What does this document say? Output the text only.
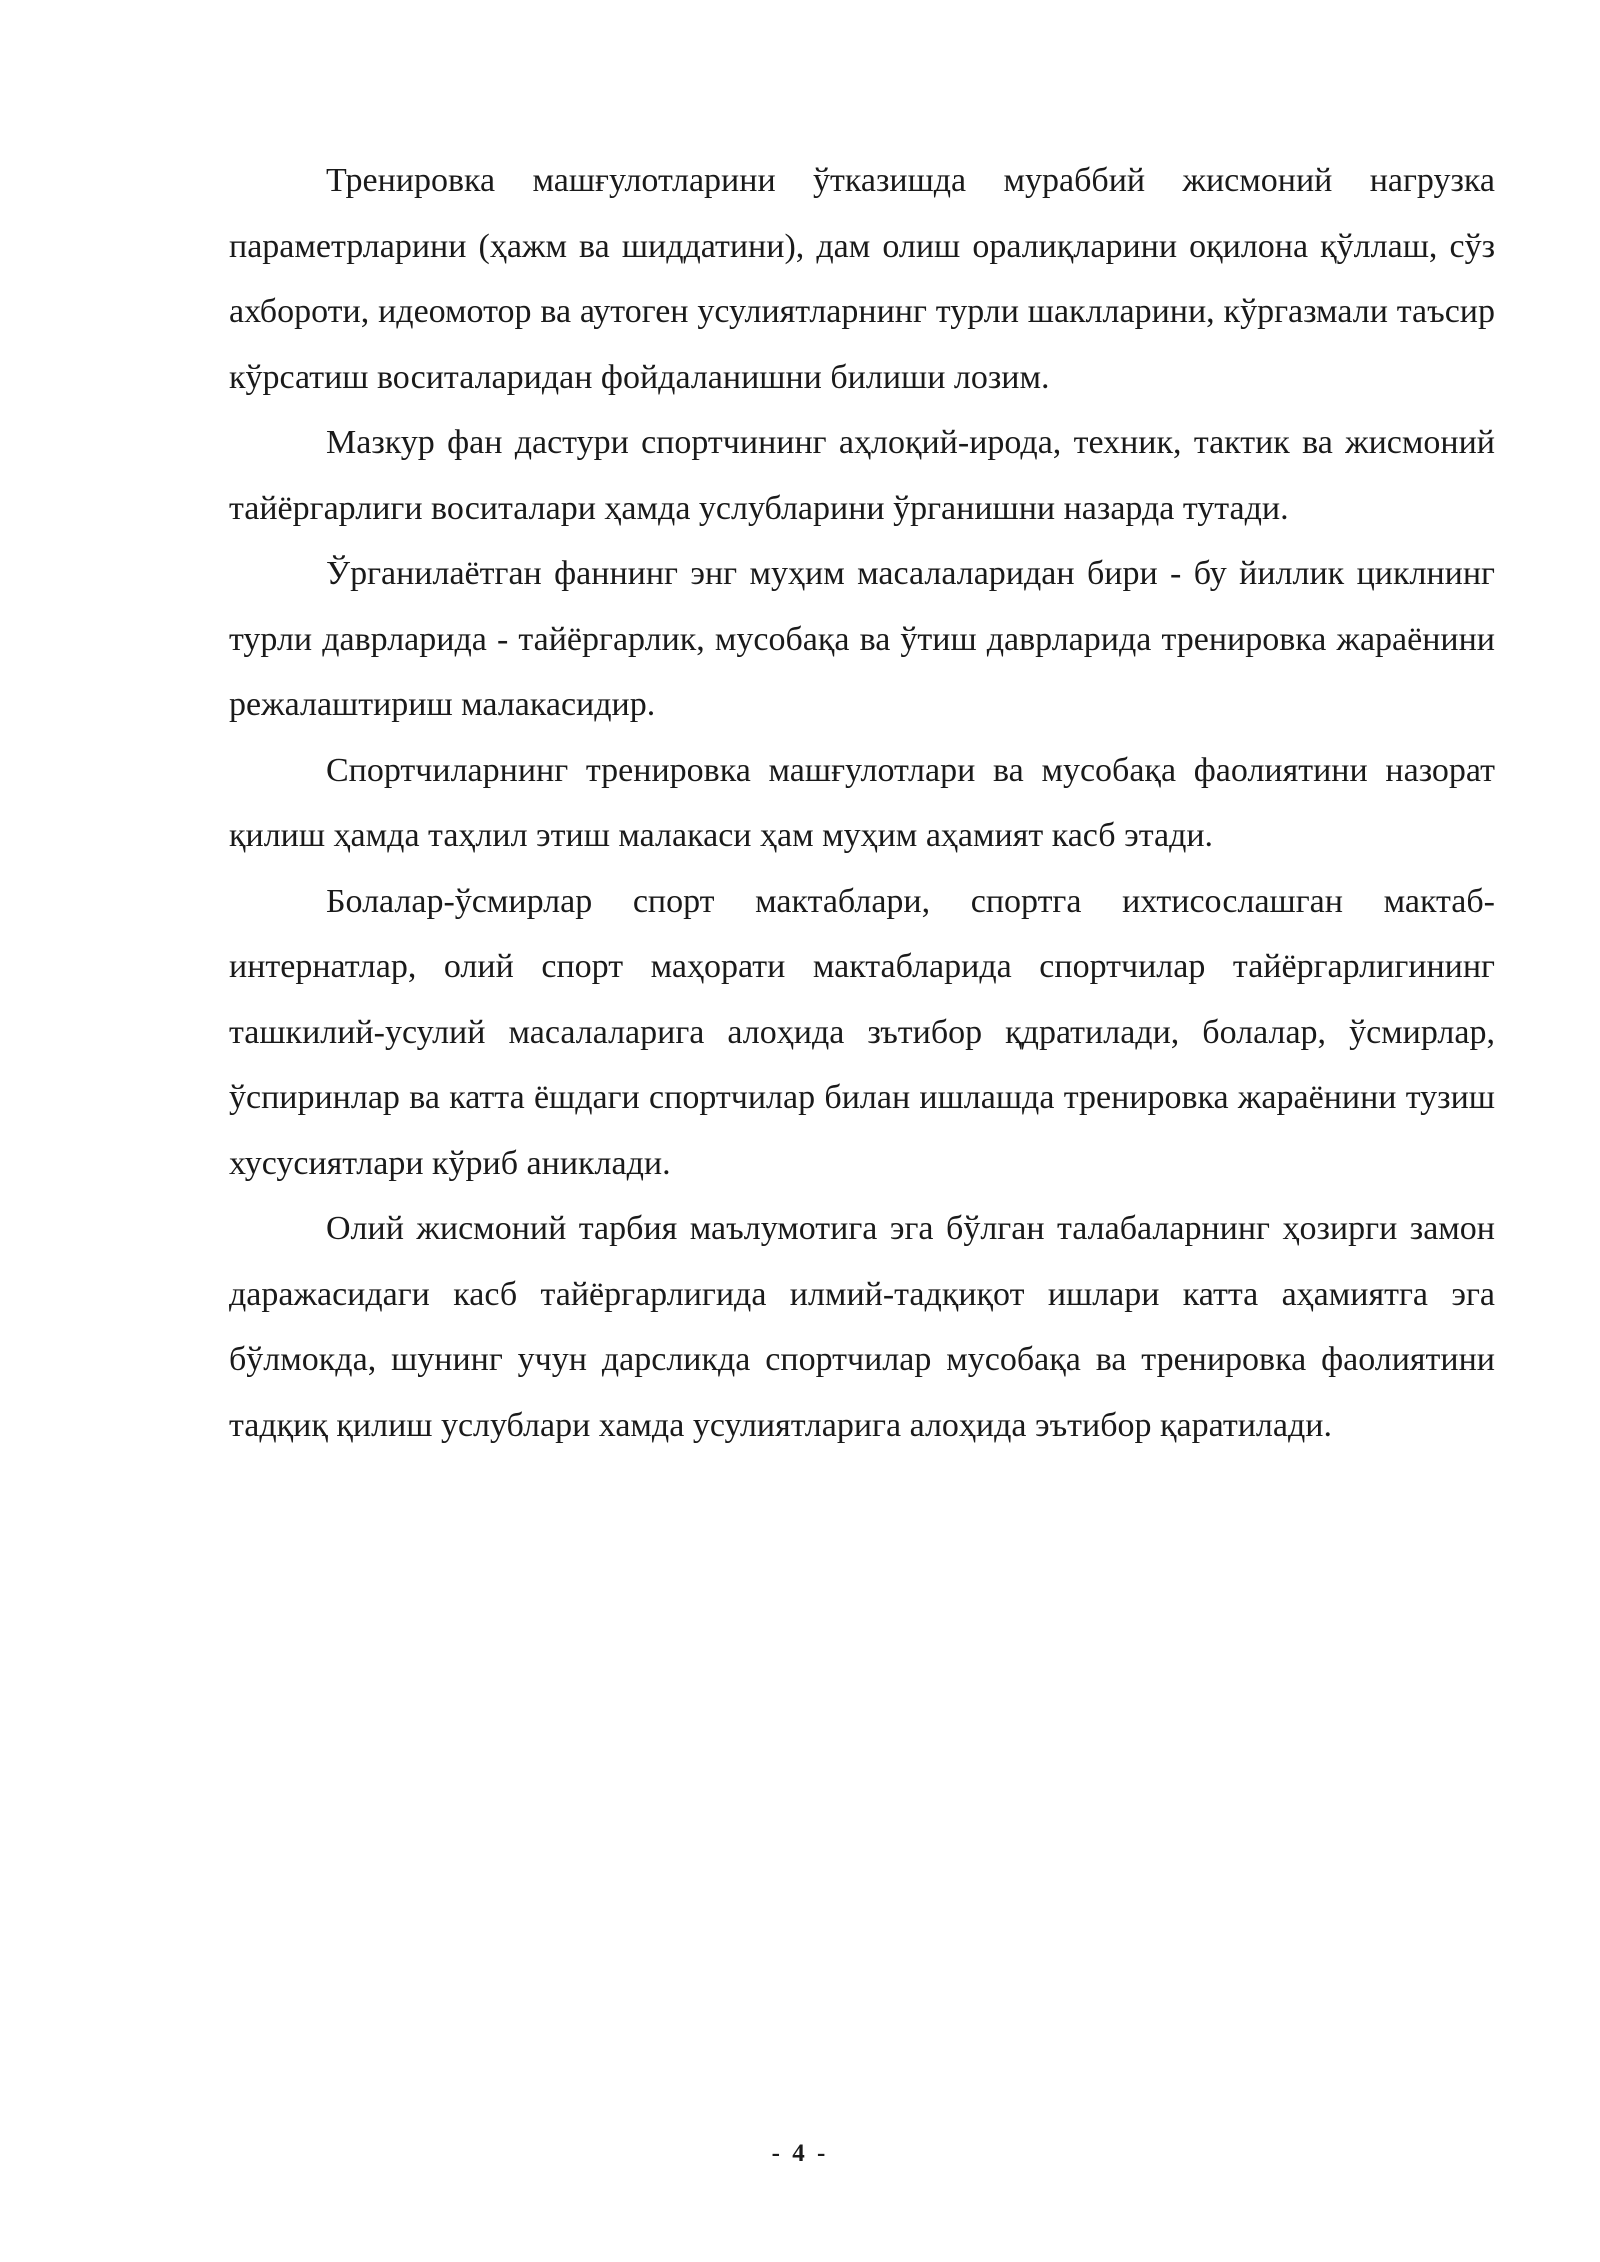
Тренировка машғулотларини ўтказишда мураббий жисмоний нагрузка параметрларини (ҳажм ва шиддатини), дам олиш оралиқларини оқилона қўллаш, сўз ахбороти, идеомотор ва аутоген усулиятларнинг турли шаклларини, кўргазмали таъсир кўрсатиш воситаларидан фойдаланишни билиши лозим.

Мазкур фан дастури спортчининг аҳлоқий-ирода, техник, тактик ва жисмоний тайёргарлиги воситалари ҳамда услубларини ўрганишни назарда тутади.

Ўрганилаётган фаннинг энг муҳим масалаларидан бири - бу йиллик циклнинг турли даврларида - тайёргарлик, мусобақа ва ўтиш даврларида тренировка жараёнини режалаштириш малакасидир.

Спортчиларнинг тренировка машғулотлари ва мусобақа фаолиятини назорат қилиш ҳамда таҳлил этиш малакаси ҳам муҳим аҳамият касб этади.

Болалар-ўсмирлар спорт мактаблари, спортга ихтисослашган мактаб-интернатлар, олий спорт маҳорати мактабларида спортчилар тайёргарлигининг ташкилий-усулий масалаларига алоҳида зътибор қдратилади, болалар, ўсмирлар, ўспиринлар ва катта ёшдаги спортчилар билан ишлашда тренировка жараёнини тузиш хусусиятлари кўриб аниклади.

Олий жисмоний тарбия маълумотига эга бўлган талабаларнинг ҳозирги замон даражасидаги касб тайёргарлигида илмий-тадқиқот ишлари катта аҳамиятга эга бўлмокда, шунинг учун дарсликда спортчилар мусобақа ва тренировка фаолиятини тадқиқ қилиш услублари хамда усулиятларига алоҳида эътибор қаратилади.

- 4 -
